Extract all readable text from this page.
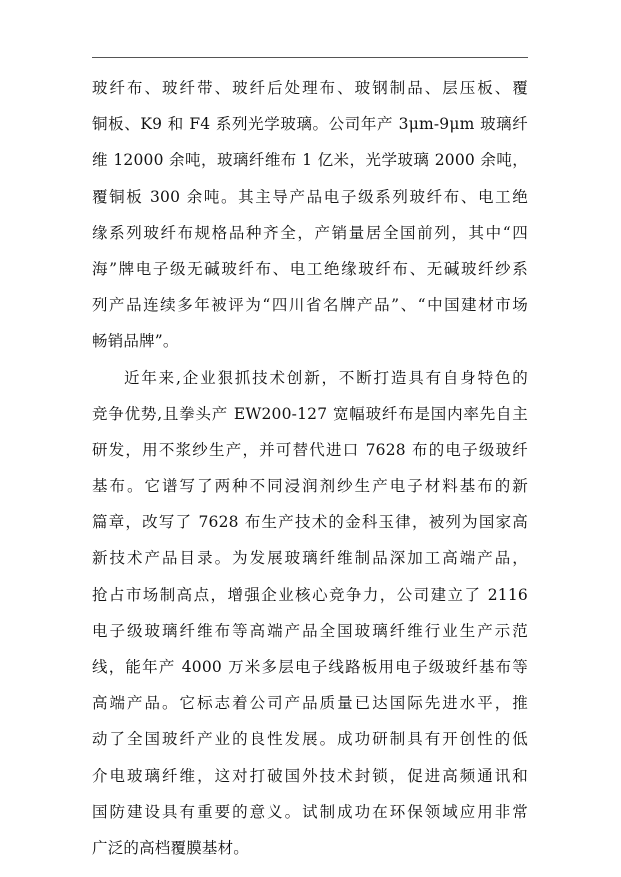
玻纤布、玻纤带、玻纤后处理布、玻钢制品、层压板、覆
铜板、K9 和 F4 系列光学玻璃。公司年产 3μm-9μm 玻璃纤
维 12000 余吨，玻璃纤维布 1 亿米，光学玻璃 2000 余吨，
覆铜板 300 余吨。其主导产品电子级系列玻纤布、电工绝
缘系列玻纤布规格品种齐全，产销量居全国前列，其中“四
海”牌电子级无碱玻纤布、电工绝缘玻纤布、无碱玻纤纱系
列产品连续多年被评为“四川省名牌产品”、“中国建材市场
畅销品牌”。
近年来,企业狠抓技术创新，不断打造具有自身特色的
竞争优势,且拳头产 EW200-127 宽幅玻纤布是国内率先自主
研发，用不浆纱生产，并可替代进口 7628 布的电子级玻纤
基布。它谱写了两种不同浸润剂纱生产电子材料基布的新
篇章，改写了 7628 布生产技术的金科玉律，被列为国家高
新技术产品目录。为发展玻璃纤维制品深加工高端产品，
抢占市场制高点，增强企业核心竞争力，公司建立了 2116
电子级玻璃纤维布等高端产品全国玻璃纤维行业生产示范
线，能年产 4000 万米多层电子线路板用电子级玻纤基布等
高端产品。它标志着公司产品质量已达国际先进水平，推
动了全国玻纤产业的良性发展。成功研制具有开创性的低
介电玻璃纤维，这对打破国外技术封锁，促进高频通讯和
国防建设具有重要的意义。试制成功在环保领域应用非常
广泛的高档覆膜基材。
